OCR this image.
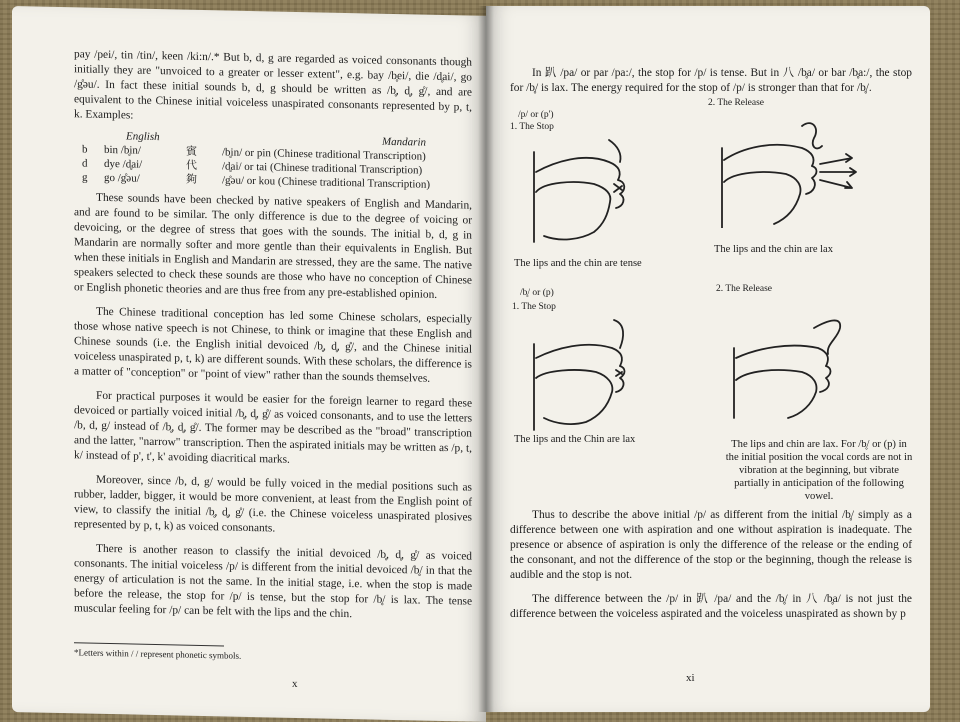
pay /pei/, tin /tin/, keen /ki:n/.* But b, d, g are regarded as voiced consonants though initially they are "unvoiced to a greater or lesser extent", e.g. bay /b̥ei/, die /d̥ai/, go /g̊əu/. In fact these initial sounds b, d, g should be written as /b̥, d̥, g̊/, and are equivalent to the Chinese initial voiceless unaspirated consonants represented by p, t, k. Examples:

English	Mandarin
b	bin /b̥in/	賓	/b̥in/ or pin (Chinese traditional Transcription)
d	dye /d̥ai/	代	/d̥ai/ or tai (Chinese traditional Transcription)
g	go /g̊əu/	夠	/g̊əu/ or kou (Chinese traditional Transcription)

These sounds have been checked by native speakers of English and Mandarin, and are found to be similar. The only difference is due to the degree of voicing or devoicing, or the degree of stress that goes with the sounds. The initial b, d, g in Mandarin are normally softer and more gentle than their equivalents in English. But when these initials in English and Mandarin are stressed, they are the same. The native speakers selected to check these sounds are those who have no conception of Chinese or English phonetic theories and are thus free from any pre-established opinion.

The Chinese traditional conception has led some Chinese scholars, especially those whose native speech is not Chinese, to think or imagine that these English and Chinese sounds (i.e. the English initial devoiced /b̥, d̥, g̊/, and the Chinese initial voiceless unaspirated p, t, k) are different sounds. With these scholars, the difference is a matter of "conception" or "point of view" rather than the sounds themselves.

For practical purposes it would be easier for the foreign learner to regard these devoiced or partially voiced initial /b̥, d̥, g̊/ as voiced consonants, and to use the letters /b, d, g/ instead of /b̥, d̥, g̊/. The former may be described as the "broad" transcription and the latter, "narrow" transcription. Then the aspirated initials may be written as /p, t, k/ instead of p', t', k' avoiding diacritical marks.

Moreover, since /b, d, g/ would be fully voiced in the medial positions such as rubber, ladder, bigger, it would be more convenient, at least from the English point of view, to classify the initial /b̥, d̥, g̊/ (i.e. the Chinese voiceless unaspirated plosives represented by p, t, k) as voiced consonants.

There is another reason to classify the initial devoiced /b̥, d̥, g̊/ as voiced consonants. The initial voiceless /p/ is different from the initial devoiced /b̥/ in that the energy of articulation is not the same. In the initial stage, i.e. when the stop is made before the release, the stop for /p/ is tense, but the stop for /b̥/ is lax. The tense muscular feeling for /p/ can be felt with the lips and the chin.

*Letters within / / represent phonetic symbols.

x

In 趴 /pa/ or par /pa:/, the stop for /p/ is tense. But in 八 /b̥a/ or bar /b̥a:/, the stop for /b̥/ is lax. The energy required for the stop of /p/ is stronger than that for /b̥/.

/p/ or (p')
1. The Stop
2. The Release
The lips and the chin are tense
The lips and the chin are lax
/b̥/ or (p)
1. The Stop
2. The Release
The lips and the Chin are lax	The lips and chin are lax. For /b̥/ or (p) in the initial position the vocal cords are not in vibration at the beginning, but vibrate partially in anticipation of the following vowel.

Thus to describe the above initial /p/ as different from the initial /b̥/ simply as a difference between one with aspiration and one without aspiration is inadequate. The presence or absence of aspiration is only the difference of the release or the ending of the consonant, and not the difference of the stop or the beginning, though the release is audible and the stop is not.

The difference between the /p/ in 趴 /pa/ and the /b̥/ in 八 /b̥a/ is not just the difference between the voiceless aspirated and the voiceless unaspirated as shown by p

xi
